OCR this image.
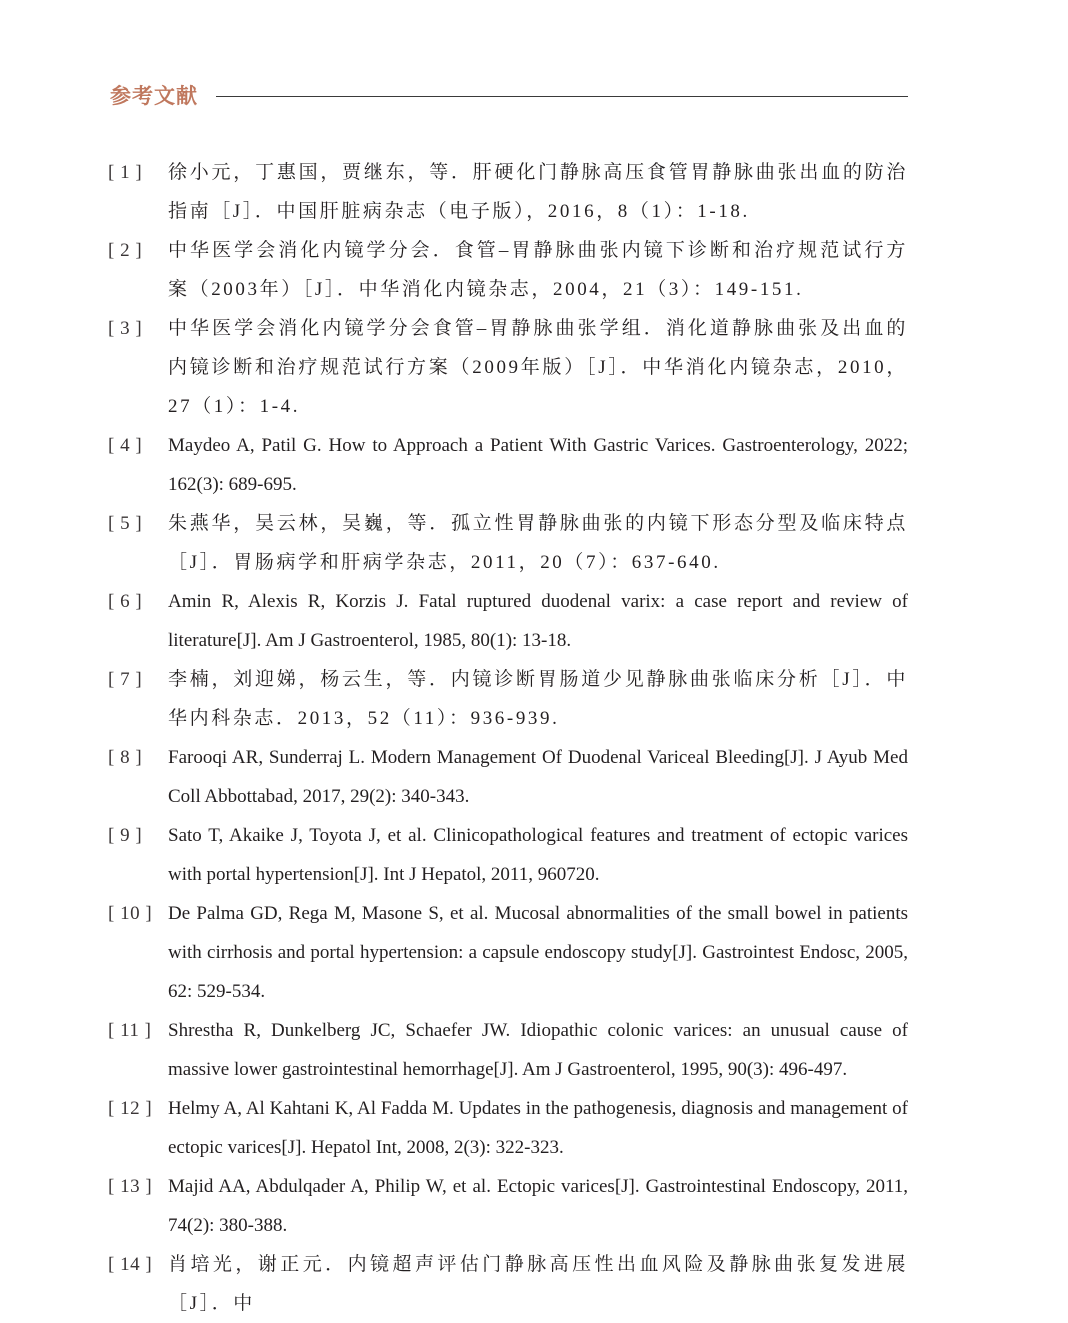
参考文献
[ 1 ] 徐小元，丁惠国，贾继东，等．肝硬化门静脉高压食管胃静脉曲张出血的防治指南［J］．中国肝脏病杂志（电子版），2016，8（1）：1-18.
[ 2 ] 中华医学会消化内镜学分会．食管–胃静脉曲张内镜下诊断和治疗规范试行方案（2003年）［J］．中华消化内镜杂志，2004，21（3）：149-151.
[ 3 ] 中华医学会消化内镜学分会食管–胃静脉曲张学组．消化道静脉曲张及出血的内镜诊断和治疗规范试行方案（2009年版）［J］．中华消化内镜杂志，2010，27（1）：1-4.
[ 4 ] Maydeo A, Patil G. How to Approach a Patient With Gastric Varices. Gastroenterology, 2022; 162(3): 689-695.
[ 5 ] 朱燕华，吴云林，吴巍，等．孤立性胃静脉曲张的内镜下形态分型及临床特点［J］．胃肠病学和肝病学杂志，2011，20（7）：637-640.
[ 6 ] Amin R, Alexis R, Korzis J. Fatal ruptured duodenal varix: a case report and review of literature[J]. Am J Gastroenterol, 1985, 80(1): 13-18.
[ 7 ] 李楠，刘迎娣，杨云生，等．内镜诊断胃肠道少见静脉曲张临床分析［J］．中华内科杂志．2013，52（11）：936-939.
[ 8 ] Farooqi AR, Sunderraj L. Modern Management Of Duodenal Variceal Bleeding[J]. J Ayub Med Coll Abbottabad, 2017, 29(2): 340-343.
[ 9 ] Sato T, Akaike J, Toyota J, et al. Clinicopathological features and treatment of ectopic varices with portal hypertension[J]. Int J Hepatol, 2011, 960720.
[ 10 ] De Palma GD, Rega M, Masone S, et al. Mucosal abnormalities of the small bowel in patients with cirrhosis and portal hypertension: a capsule endoscopy study[J]. Gastrointest Endosc, 2005, 62: 529-534.
[ 11 ] Shrestha R, Dunkelberg JC, Schaefer JW. Idiopathic colonic varices: an unusual cause of massive lower gastrointestinal hemorrhage[J]. Am J Gastroenterol, 1995, 90(3): 496-497.
[ 12 ] Helmy A, Al Kahtani K, Al Fadda M. Updates in the pathogenesis, diagnosis and management of ectopic varices[J]. Hepatol Int, 2008, 2(3): 322-323.
[ 13 ] Majid AA, Abdulqader A, Philip W, et al. Ectopic varices[J]. Gastrointestinal Endoscopy, 2011, 74(2): 380-388.
[ 14 ] 肖培光，谢正元．内镜超声评估门静脉高压性出血风险及静脉曲张复发进展［J］．中
